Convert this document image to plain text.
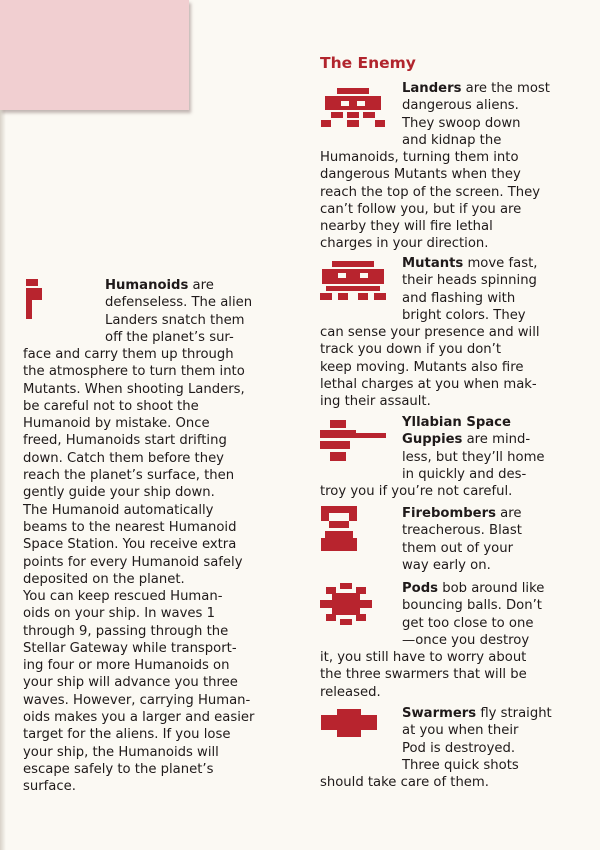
The Enemy

Humanoids are
defenseless. The alien
Landers snatch them
off the planet’s sur-

face and carry them up through
the atmosphere to turn them into
Mutants. When shooting Landers,
be careful not to shoot the
Humanoid by mistake. Once
freed, Humanoids start drifting
down. Catch them before they
reach the planet’s surface, then
gently guide your ship down.
The Humanoid automatically
beams to the nearest Humanoid
Space Station. You receive extra
points for every Humanoid safely
deposited on the planet.

You can keep rescued Human-
oids on your ship. In waves 1
through 9, passing through the
Stellar Gateway while transport-
ing four or more Humanoids on
your ship will advance you three
waves. However, carrying Human-
oids makes you a larger and easier
target for the aliens. If you lose
your ship, the Humanoids will
escape safely to the planet’s
surface.

Landers are the most
dangerous aliens.
They swoop down
and kidnap the

Humanoids, turning them into
dangerous Mutants when they
reach the top of the screen. They
can’t follow you, but if you are
nearby they will fire lethal
charges in your direction.

Mutants move fast,
their heads spinning
and flashing with
bright colors. They

can sense your presence and will
track you down if you don’t
keep moving. Mutants also fire
lethal charges at you when mak-
ing their assault.

Yllabian Space
Guppies are mind-
less, but they’ll home
in quickly and des-

troy you if you’re not careful.

Firebombers are
treacherous. Blast
them out of your
way early on.

Pods bob around like
bouncing balls. Don’t
get too close to one
—once you destroy

it, you still have to worry about
the three swarmers that will be
released.

Swarmers fly straight
at you when their
Pod is destroyed.
Three quick shots

should take care of them.
